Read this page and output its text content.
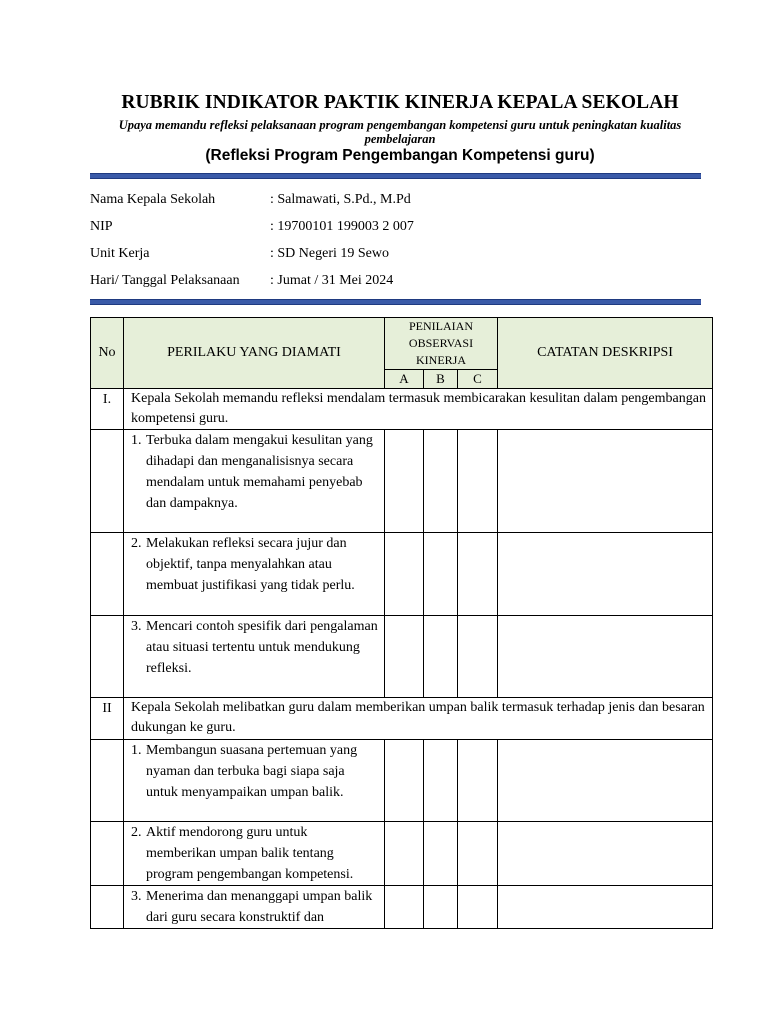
RUBRIK INDIKATOR PAKTIK KINERJA KEPALA SEKOLAH
Upaya memandu refleksi pelaksanaan program pengembangan kompetensi guru untuk peningkatan kualitas pembelajaran
(Refleksi Program Pengembangan Kompetensi guru)
Nama Kepala Sekolah	: Salmawati, S.Pd., M.Pd
NIP	: 19700101 199003 2 007
Unit Kerja	: SD Negeri 19 Sewo
Hari/ Tanggal Pelaksanaan : Jumat / 31 Mei 2024
No	PERILAKU YANG DIAMATI	PENILAIAN OBSERVASI KINERJA			CATATAN DESKRIPSI
		A	B	C	
I.	Kepala Sekolah memandu refleksi mendalam termasuk membicarakan kesulitan dalam pengembangan kompetensi guru.				

	1. Terbuka dalam mengakui kesulitan yang dihadapi dan menganalisisnya secara mendalam untuk memahami penyebab dan dampaknya.				

	2. Melakukan refleksi secara jujur dan objektif, tanpa menyalahkan atau membuat justifikasi yang tidak perlu.				

	3. Mencari contoh spesifik dari pengalaman atau situasi tertentu untuk mendukung refleksi.				

II	Kepala Sekolah melibatkan guru dalam memberikan umpan balik termasuk terhadap jenis dan besaran dukungan ke guru.				

	1. Membangun suasana pertemuan yang nyaman dan terbuka bagi siapa saja untuk menyampaikan umpan balik.				

	2. Aktif mendorong guru untuk memberikan umpan balik tentang program pengembangan kompetensi.				

	3. Menerima dan menanggapi umpan balik dari guru secara konstruktif dan				
